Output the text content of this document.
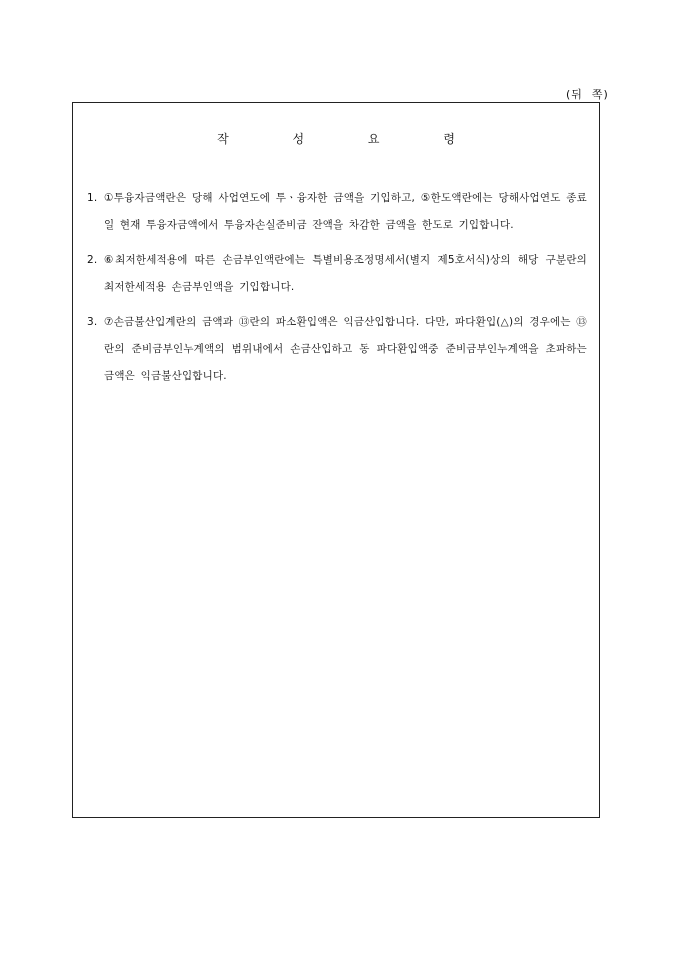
(뒤  쪽)
작 성 요 령
1. ①투융자금액란은 당해 사업연도에 투ㆍ융자한 금액을 기입하고, ⑤한도액란에는 당해사업연도 종료일 현재 투융자금액에서 투융자손실준비금 잔액을 차감한 금액을 한도로 기입합니다.
2. ⑥최저한세적용에 따른 손금부인액란에는 특별비용조정명세서(별지 제5호서식)상의 해당 구분란의 최저한세적용 손금부인액을 기입합니다.
3. ⑦손금불산입계란의 금액과 ⑬란의 파소환입액은 익금산입합니다. 다만, 파다환입(△)의 경우에는 ⑬란의 준비금부인누계액의 범위내에서 손금산입하고 동 파다환입액중 준비금부인누계액을 초파하는 금액은 익금불산입합니다.
